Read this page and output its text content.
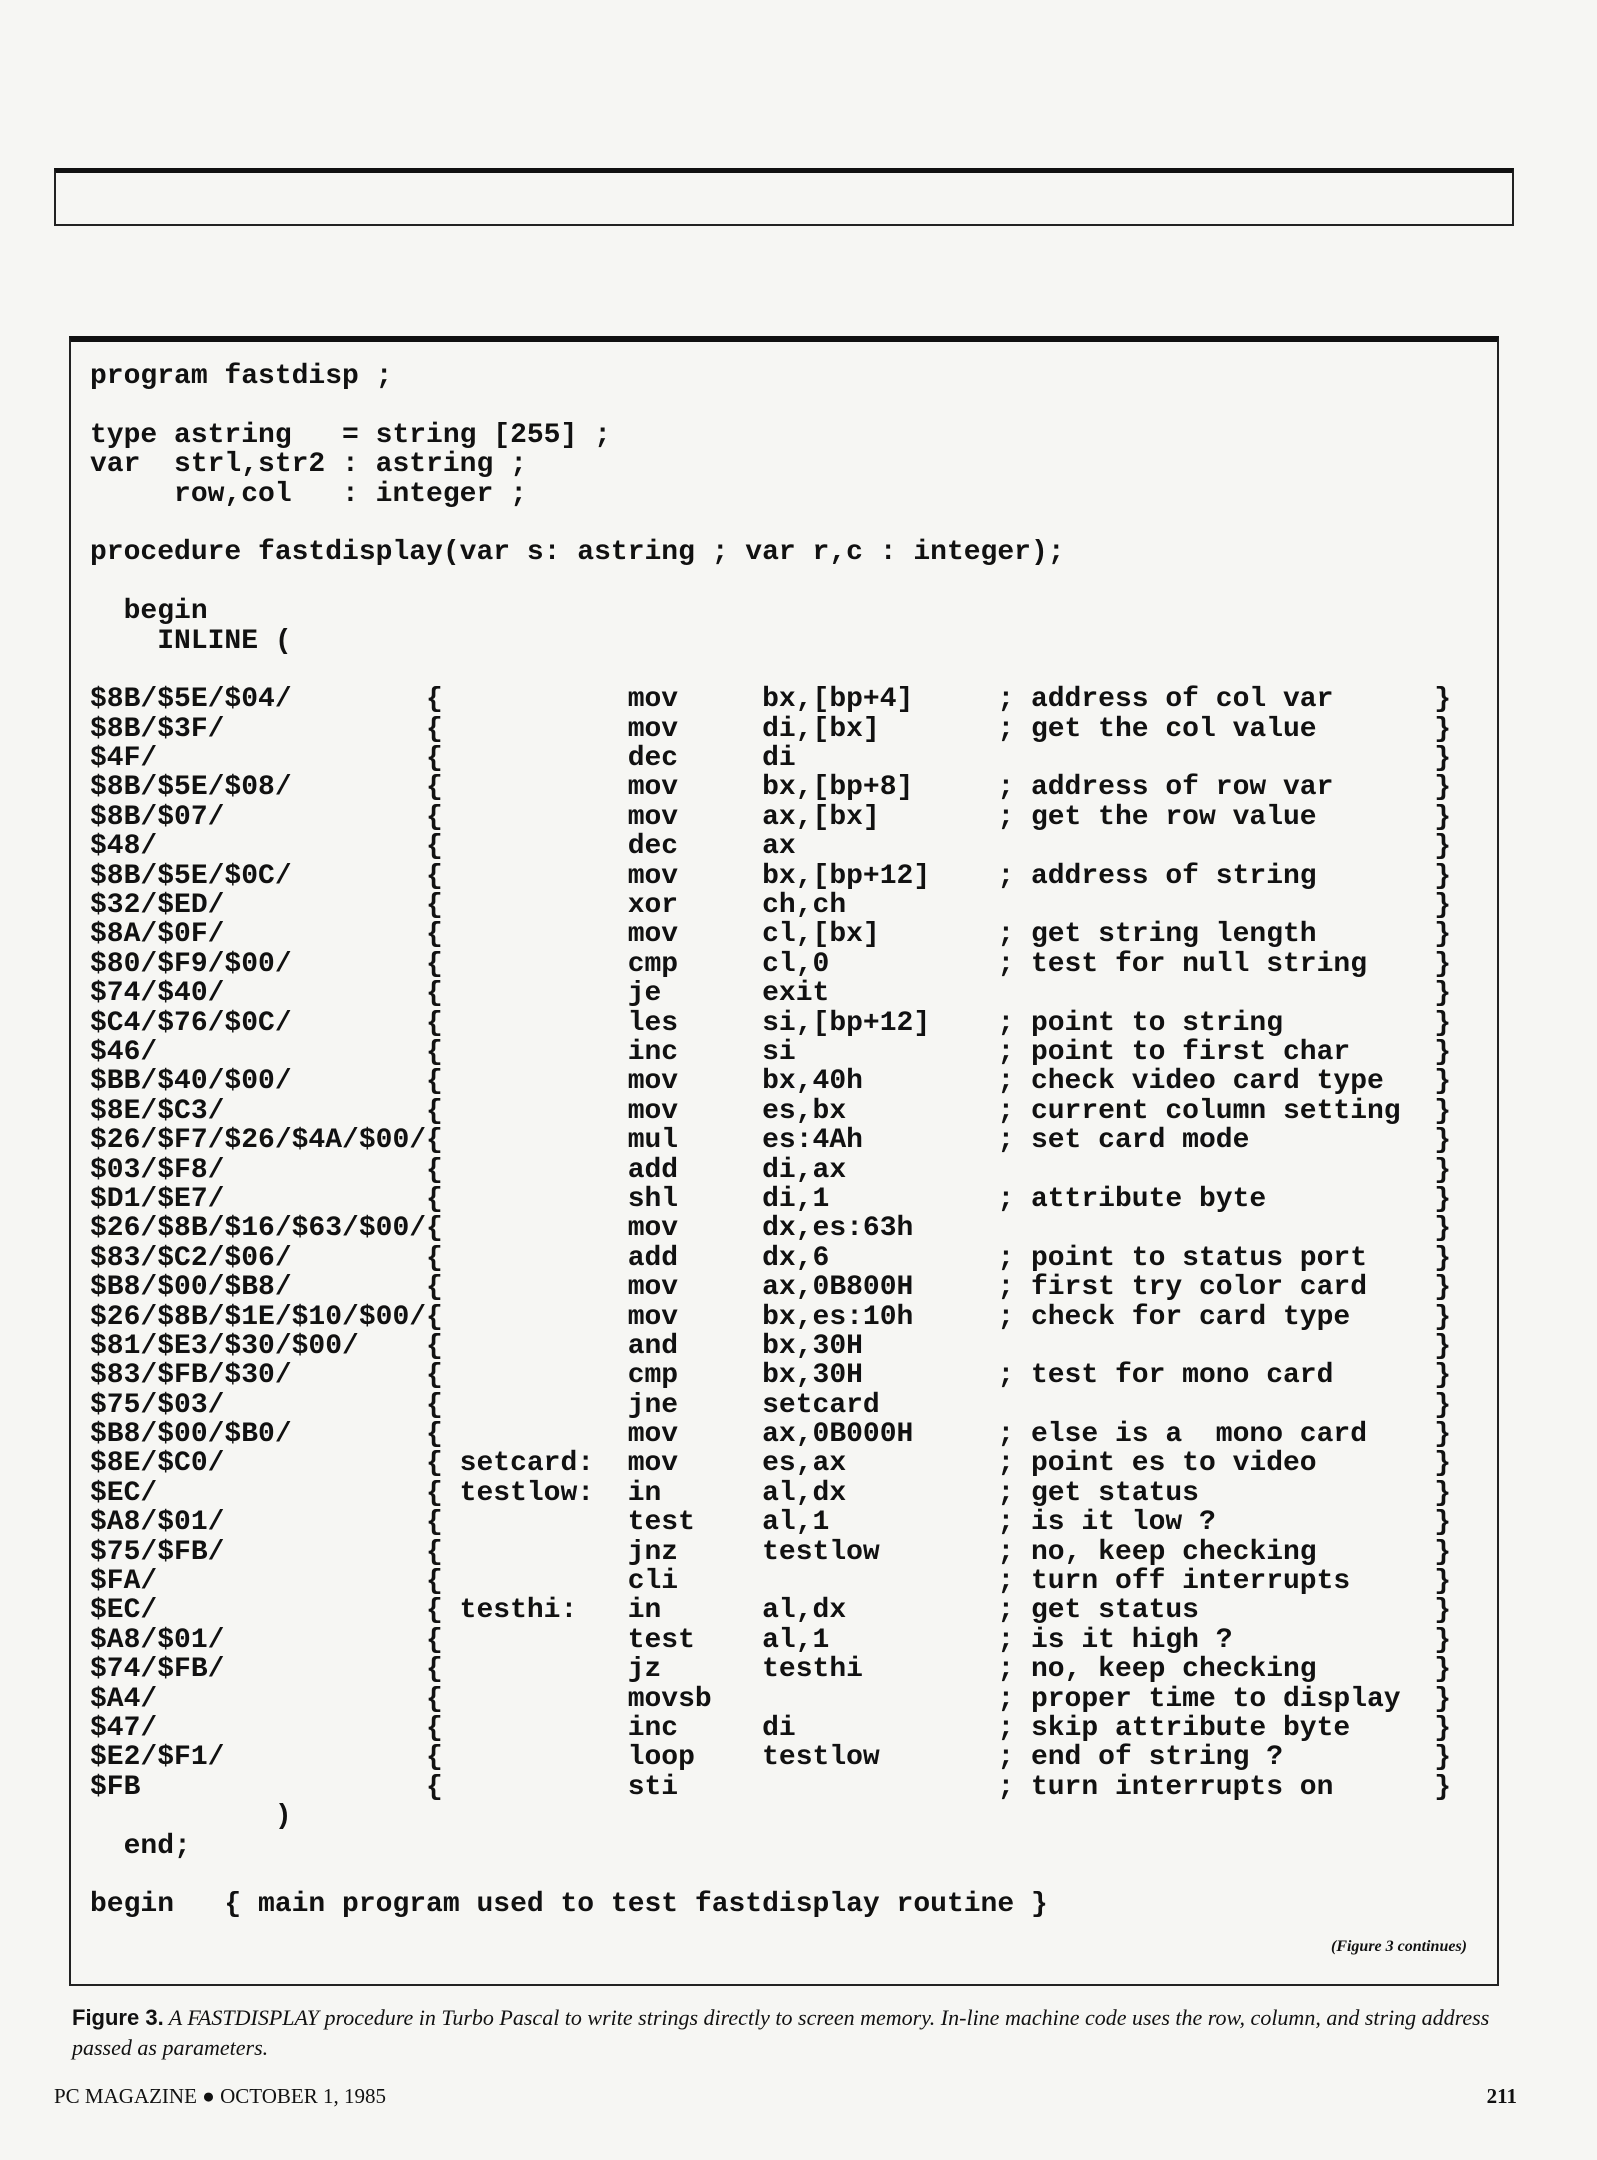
program fastdisp ;
type astring   = string [255] ;
var  strl,str2 : astring ;
row,col   : integer ;
procedure fastdisplay(var s: astring ; var r,c : integer);
begin
INLINE (
$8B/$5E/$04/        {           mov     bx,[bp+4]     ; address of col var      }
$8B/$3F/            {           mov     di,[bx]       ; get the col value       }
$4F/                {           dec     di                                      }
$8B/$5E/$08/        {           mov     bx,[bp+8]     ; address of row var      }
$8B/$07/            {           mov     ax,[bx]       ; get the row value       }
$48/                {           dec     ax                                      }
$8B/$5E/$0C/        {           mov     bx,[bp+12]    ; address of string       }
$32/$ED/            {           xor     ch,ch                                   }
$8A/$0F/            {           mov     cl,[bx]       ; get string length       }
$80/$F9/$00/        {           cmp     cl,0          ; test for null string    }
$74/$40/            {           je      exit                                    }
$C4/$76/$0C/        {           les     si,[bp+12]    ; point to string         }
$46/                {           inc     si            ; point to first char     }
$BB/$40/$00/        {           mov     bx,40h        ; check video card type   }
$8E/$C3/            {           mov     es,bx         ; current column setting  }
$26/$F7/$26/$4A/$00/{           mul     es:4Ah        ; set card mode           }
$03/$F8/            {           add     di,ax                                   }
$D1/$E7/            {           shl     di,1          ; attribute byte          }
$26/$8B/$16/$63/$00/{           mov     dx,es:63h                               }
$83/$C2/$06/        {           add     dx,6          ; point to status port    }
$B8/$00/$B8/        {           mov     ax,0B800H     ; first try color card    }
$26/$8B/$1E/$10/$00/{           mov     bx,es:10h     ; check for card type     }
$81/$E3/$30/$00/    {           and     bx,30H                                  }
$83/$FB/$30/        {           cmp     bx,30H        ; test for mono card      }
$75/$03/            {           jne     setcard                                 }
$B8/$00/$B0/        {           mov     ax,0B000H     ; else is a  mono card    }
$8E/$C0/            { setcard:  mov     es,ax         ; point es to video       }
$EC/                { testlow:  in      al,dx         ; get status              }
$A8/$01/            {           test    al,1          ; is it low ?             }
$75/$FB/            {           jnz     testlow       ; no, keep checking       }
$FA/                {           cli                   ; turn off interrupts     }
$EC/                { testhi:   in      al,dx         ; get status              }
$A8/$01/            {           test    al,1          ; is it high ?            }
$74/$FB/            {           jz      testhi        ; no, keep checking       }
$A4/                {           movsb                 ; proper time to display  }
$47/                {           inc     di            ; skip attribute byte     }
$E2/$F1/            {           loop    testlow       ; end of string ?         }
$FB                 {           sti                   ; turn interrupts on      }
)
end;
begin   { main program used to test fastdisplay routine }
(Figure 3 continues)

Figure 3. A FASTDISPLAY procedure in Turbo Pascal to write strings directly to screen memory. In-line machine code uses the row, column, and string address passed as parameters.

PC MAGAZINE ● OCTOBER 1, 1985	211
